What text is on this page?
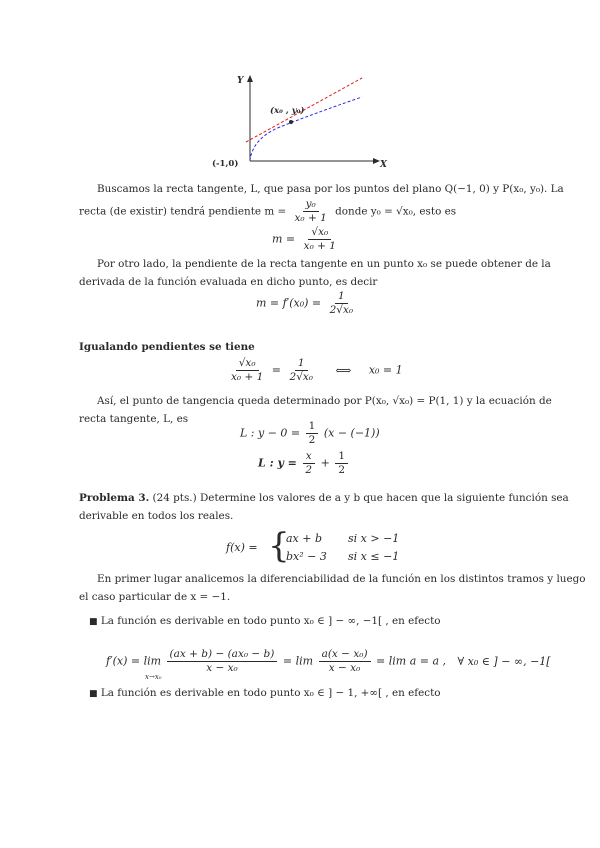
Y
X
(-1,0)
(x₀ , y₀)
Buscamos la recta tangente, L, que pasa por los puntos del plano Q(−1, 0) y P(x₀, y₀). La
recta (de existir) tendrá pendiente $m = \frac{\text{y₀}}{\text{x₀ + 1}}$ donde y₀ = √x₀, esto es
$m = \frac{\text{√x₀}}{\text{x₀ + 1}}$
Por otro lado, la pendiente de la recta tangente en un punto x₀ se puede obtener de la
derivada de la función evaluada en dicho punto, es decir
$m = f'(x_0) = \frac{1}{\text{2√x₀}}$
Igualando pendientes se tiene
$\frac{\text{√x₀}}{\text{x₀ + 1}} = \frac{1}{\text{2√x₀}}$ ⟺ x₀ = 1
Así, el punto de tangencia queda determinado por P(x₀, √x₀) = P(1, 1) y la ecuación de
recta tangente, L, es
L : $y - 0 = \frac{1}{2} (x - (-1))$
L : $y = \frac{x}{2} + \frac{1}{2}$
Problema 3. (24 pts.) Determine los valores de a y b que hacen que la siguiente función sea
derivable en todos los reales.
f(x) = {
ax + b si x > −1
bx² − 3 si x ≤ −1
En primer lugar analicemos la diferenciabilidad de la función en los distintos tramos y luego
el caso particular de x = −1.
■ La función es derivable en todo punto x₀ ∈ ] − ∞, −1[ , en efecto
$f'(x) = \lim \frac{\text{(ax + b) − (ax₀ − b)}}{\text{x − x₀}} = \lim \frac{\text{a(x − x₀)}}{\text{x − x₀}} = \lim a = a$ , ∀ x₀ ∈ ] − ∞, −1[
x→x₀
■ La función es derivable en todo punto x₀ ∈ ] − 1, +∞[ , en efecto
